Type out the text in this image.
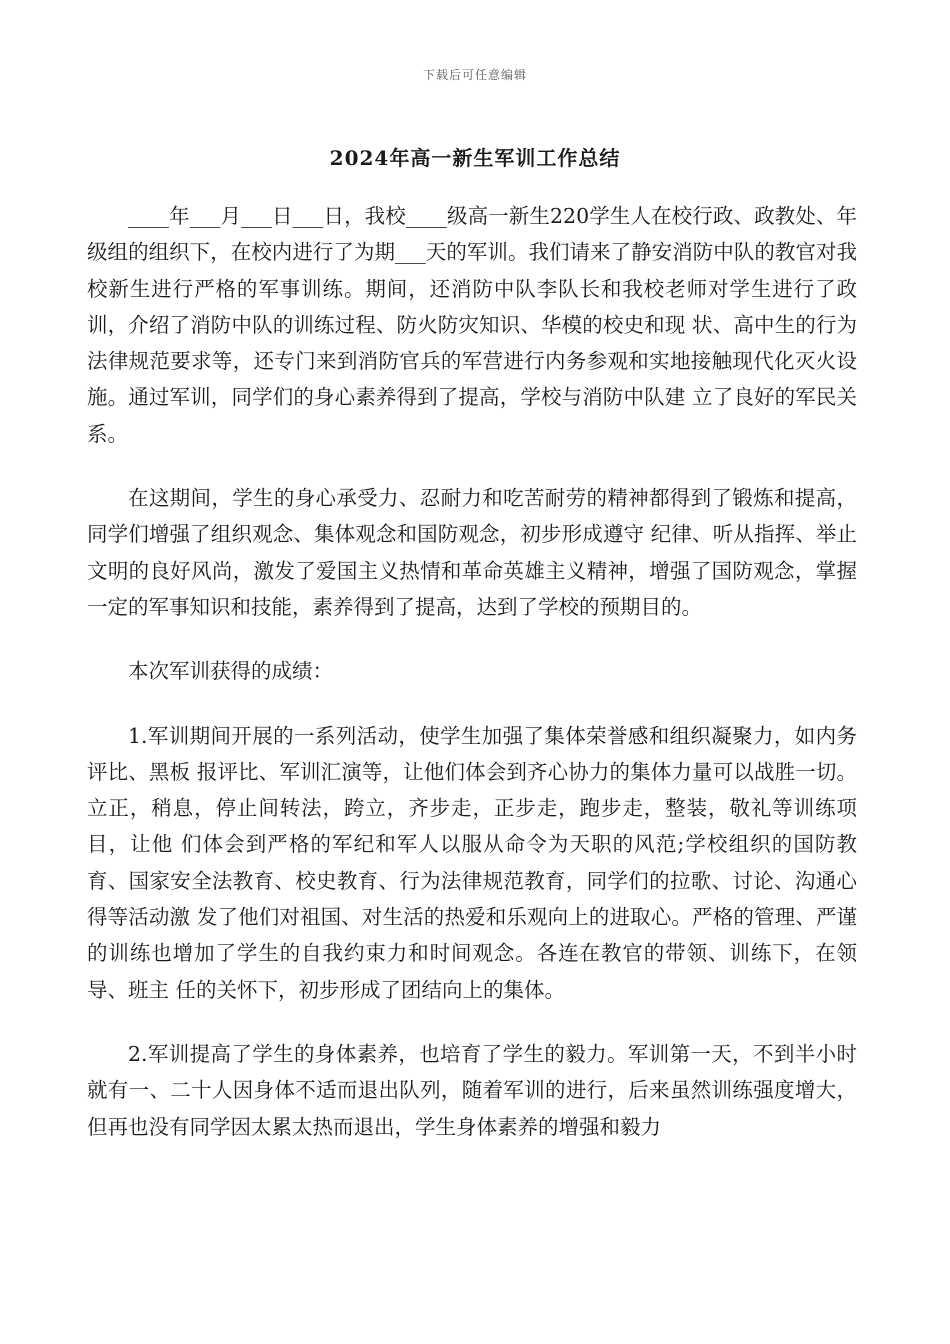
下载后可任意编辑
2024年高一新生军训工作总结

____年___月___日___日，我校____级高一新生220学生人在校行政、政教处、年级组的组织下，在校内进行了为期___天的军训。我们请来了静安消防中队的教官对我校新生进行严格的军事训练。期间，还消防中队李队长和我校老师对学生进行了政训，介绍了消防中队的训练过程、防火防灾知识、华模的校史和现 状、高中生的行为法律规范要求等，还专门来到消防官兵的军营进行内务参观和实地接触现代化灭火设施。通过军训，同学们的身心素养得到了提高，学校与消防中队建 立了良好的军民关系。

在这期间，学生的身心承受力、忍耐力和吃苦耐劳的精神都得到了锻炼和提高，同学们增强了组织观念、集体观念和国防观念，初步形成遵守 纪律、听从指挥、举止文明的良好风尚，激发了爱国主义热情和革命英雄主义精神，增强了国防观念，掌握一定的军事知识和技能，素养得到了提高，达到了学校的预期目的。

本次军训获得的成绩：

1.军训期间开展的一系列活动，使学生加强了集体荣誉感和组织凝聚力，如内务评比、黑板 报评比、军训汇演等，让他们体会到齐心协力的集体力量可以战胜一切。立正，稍息，停止间转法，跨立，齐步走，正步走，跑步走，整装，敬礼等训练项目，让他 们体会到严格的军纪和军人以服从命令为天职的风范;学校组织的国防教育、国家安全法教育、校史教育、行为法律规范教育，同学们的拉歌、讨论、沟通心得等活动激 发了他们对祖国、对生活的热爱和乐观向上的进取心。严格的管理、严谨的训练也增加了学生的自我约束力和时间观念。各连在教官的带领、训练下，在领导、班主 任的关怀下，初步形成了团结向上的集体。

2.军训提高了学生的身体素养，也培育了学生的毅力。军训第一天，不到半小时就有一、二十人因身体不适而退出队列，随着军训的进行，后来虽然训练强度增大，但再也没有同学因太累太热而退出，学生身体素养的增强和毅力
